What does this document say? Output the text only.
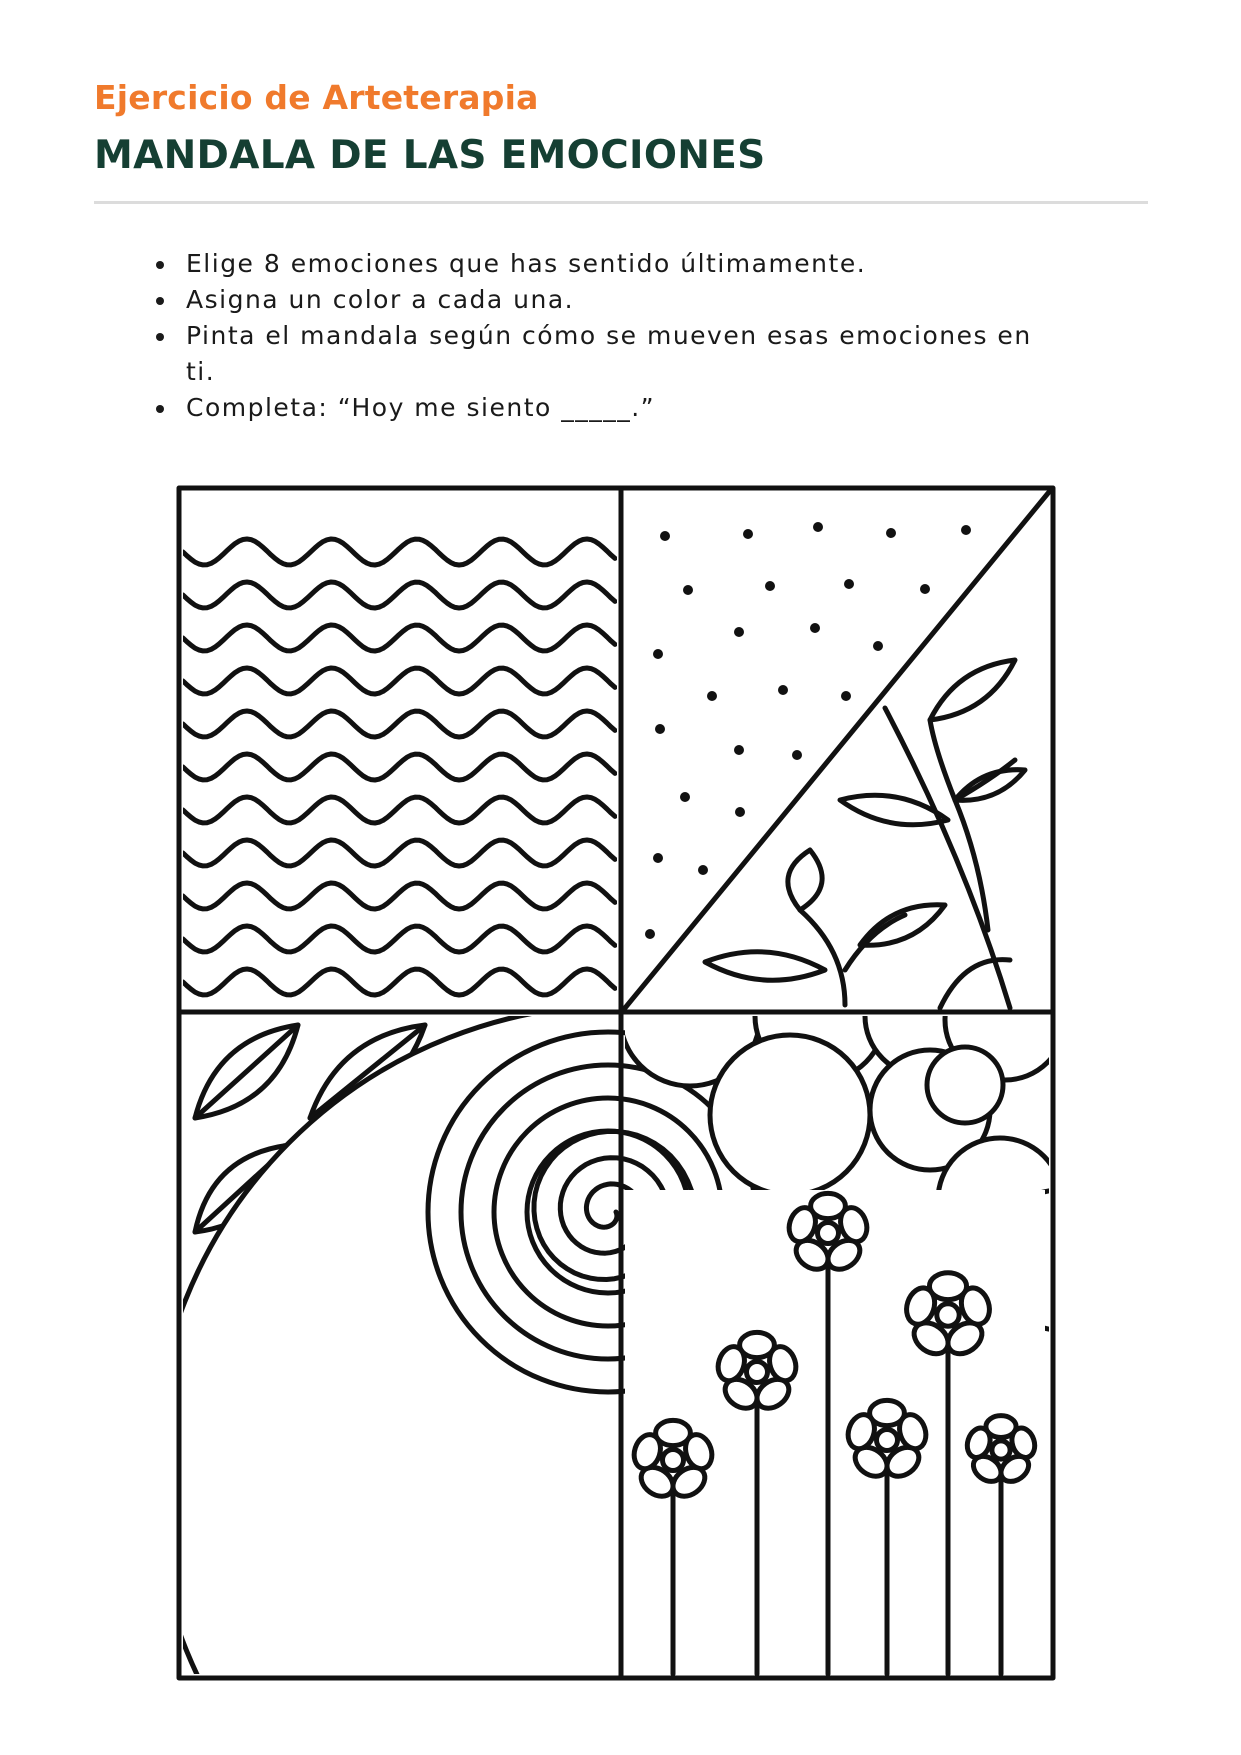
Ejercicio de Arteterapia
MANDALA DE LAS EMOCIONES
Elige 8 emociones que has sentido últimamente.
Asigna un color a cada una.
Pinta el mandala según cómo se mueven esas emociones en ti.
Completa: “Hoy me siento _____.”
